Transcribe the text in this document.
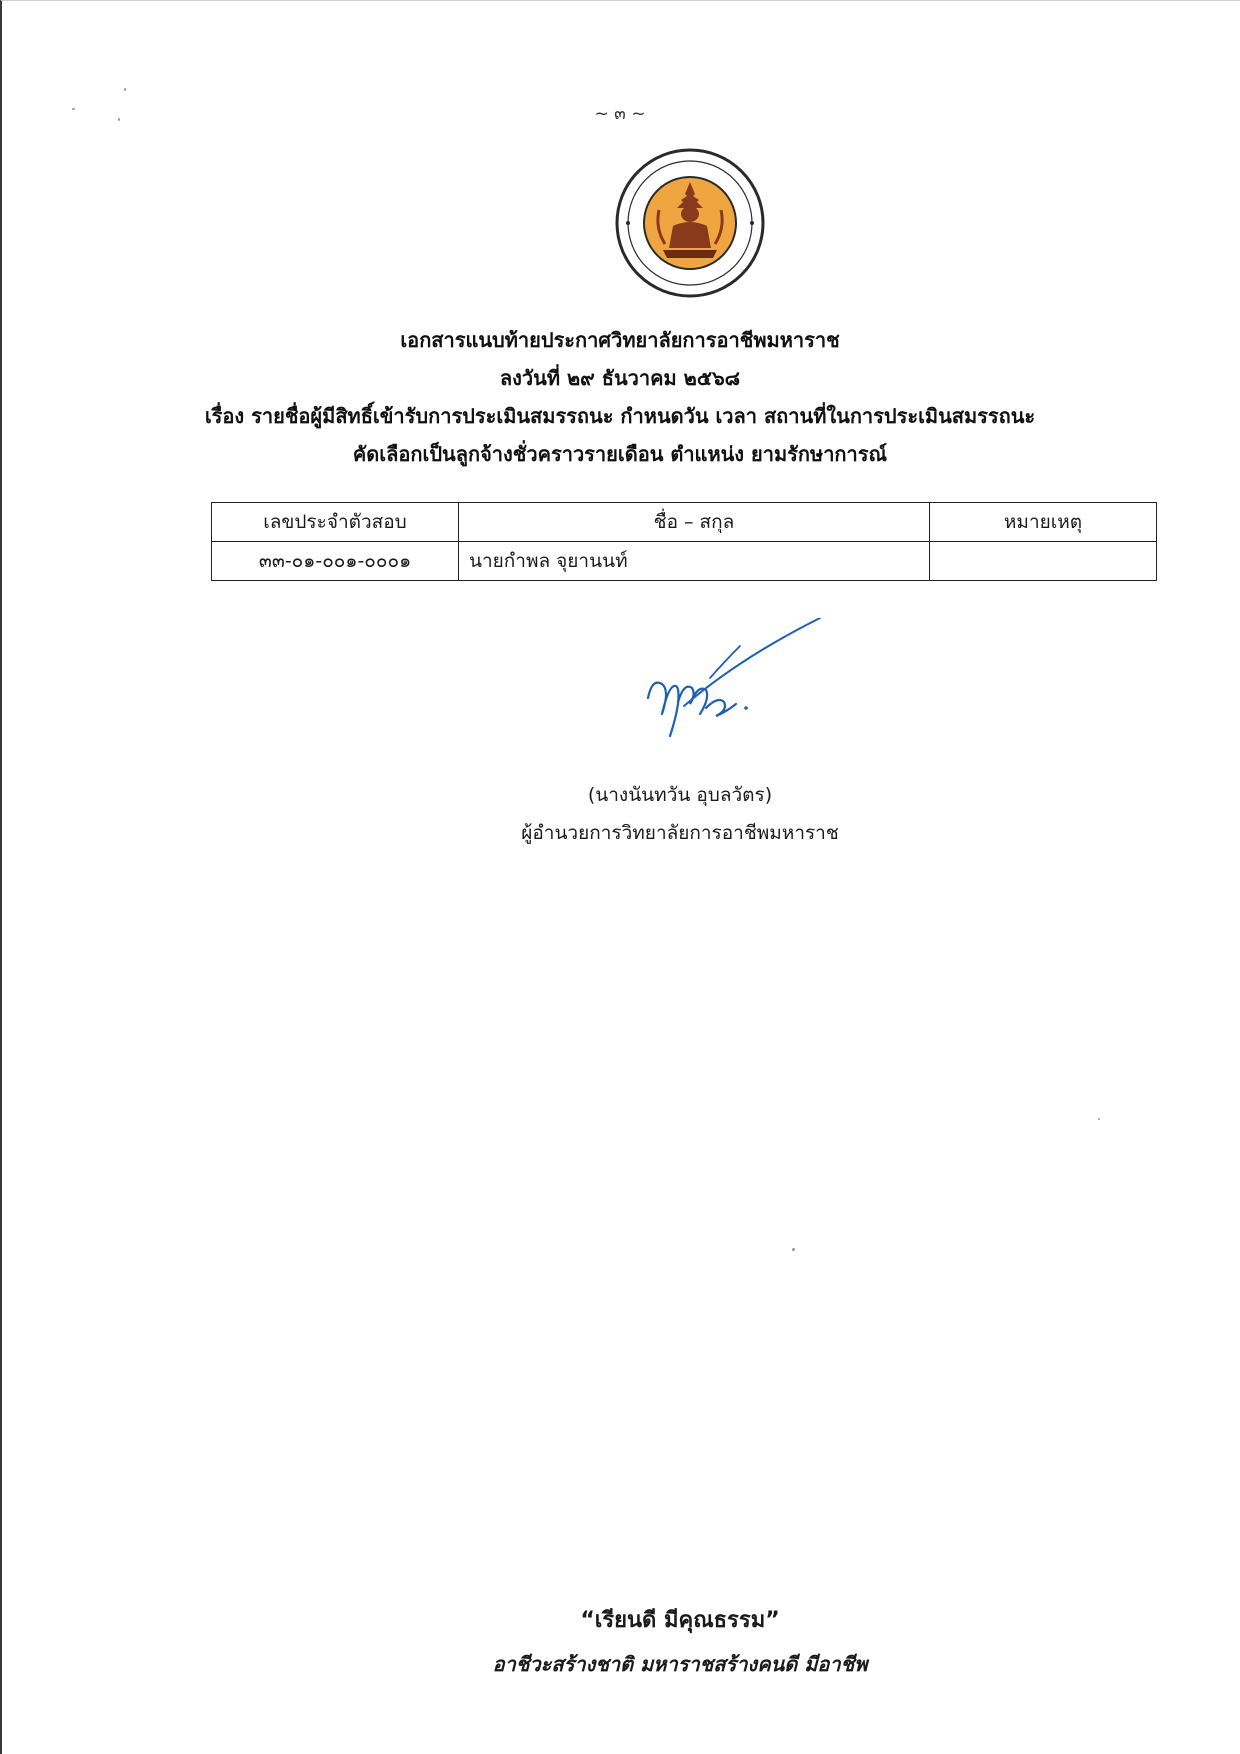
~ ๓ ~
เอกสารแนบท้ายประกาศวิทยาลัยการอาชีพมหาราช
ลงวันที่ ๒๙ ธันวาคม ๒๕๖๘
เรื่อง รายชื่อผู้มีสิทธิ์เข้ารับการประเมินสมรรถนะ กำหนดวัน เวลา สถานที่ในการประเมินสมรรถนะ
คัดเลือกเป็นลูกจ้างชั่วคราวรายเดือน ตำแหน่ง ยามรักษาการณ์
เลขประจำตัวสอบ	ชื่อ – สกุล	หมายเหตุ
๓๓-๐๑-๐๐๑-๐๐๐๑	นายกำพล จุยานนท์	
(นางนันทวัน อุบลวัตร)
ผู้อำนวยการวิทยาลัยการอาชีพมหาราช
“เรียนดี มีคุณธรรม”
อาชีวะสร้างชาติ มหาราชสร้างคนดี มีอาชีพ
